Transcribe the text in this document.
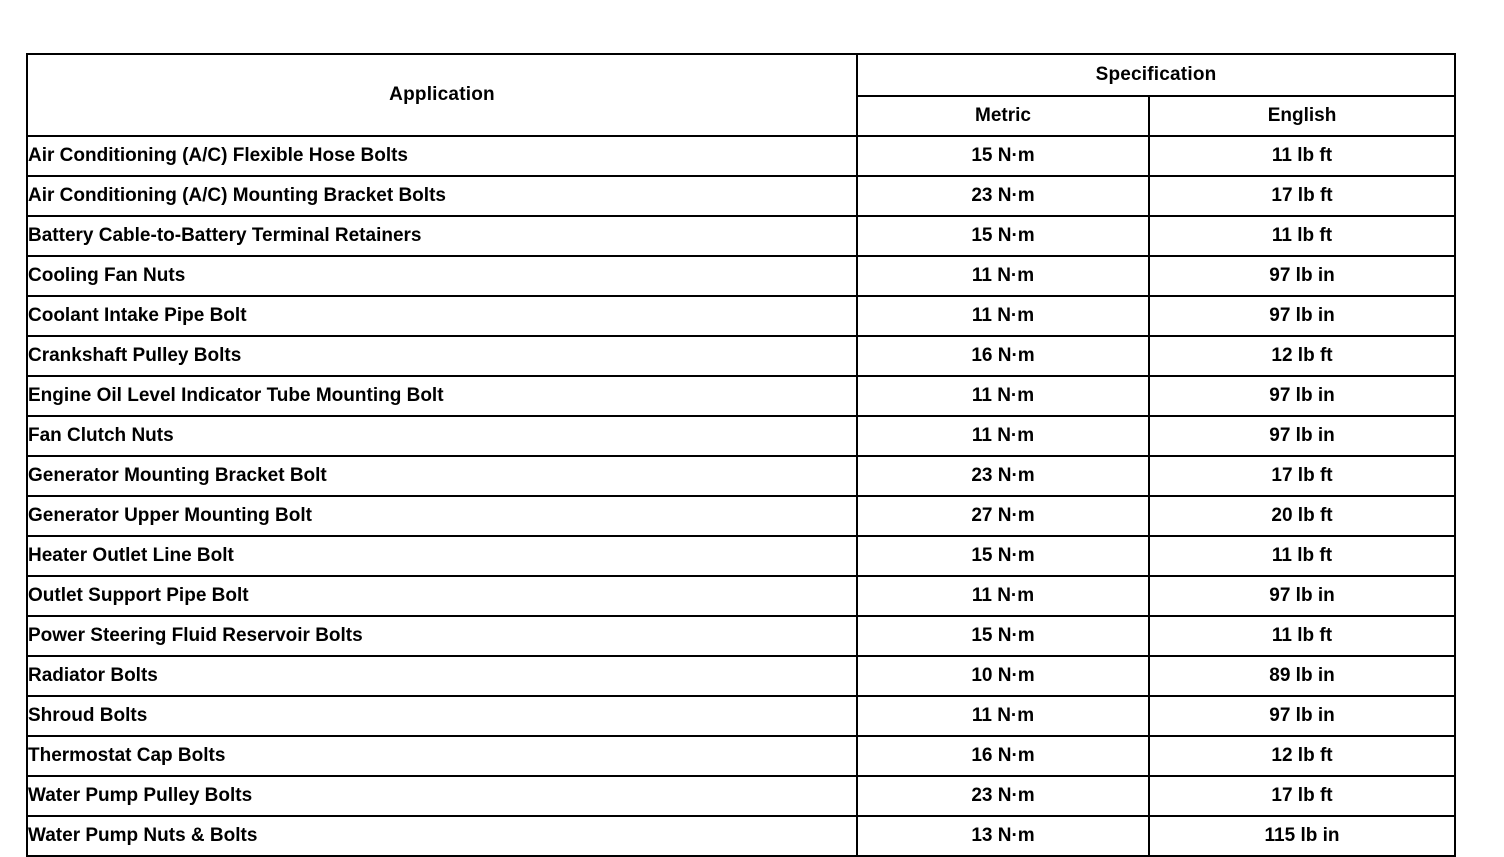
Application	Specification	
	Metric	English
Air Conditioning (A/C) Flexible Hose Bolts	15 N·m	11 lb ft
Air Conditioning (A/C) Mounting Bracket Bolts	23 N·m	17 lb ft
Battery Cable-to-Battery Terminal Retainers	15 N·m	11 lb ft
Cooling Fan Nuts	11 N·m	97 lb in
Coolant Intake Pipe Bolt	11 N·m	97 lb in
Crankshaft Pulley Bolts	16 N·m	12 lb ft
Engine Oil Level Indicator Tube Mounting Bolt	11 N·m	97 lb in
Fan Clutch Nuts	11 N·m	97 lb in
Generator Mounting Bracket Bolt	23 N·m	17 lb ft
Generator Upper Mounting Bolt	27 N·m	20 lb ft
Heater Outlet Line Bolt	15 N·m	11 lb ft
Outlet Support Pipe Bolt	11 N·m	97 lb in
Power Steering Fluid Reservoir Bolts	15 N·m	11 lb ft
Radiator Bolts	10 N·m	89 lb in
Shroud Bolts	11 N·m	97 lb in
Thermostat Cap Bolts	16 N·m	12 lb ft
Water Pump Pulley Bolts	23 N·m	17 lb ft
Water Pump Nuts & Bolts	13 N·m	115 lb in
